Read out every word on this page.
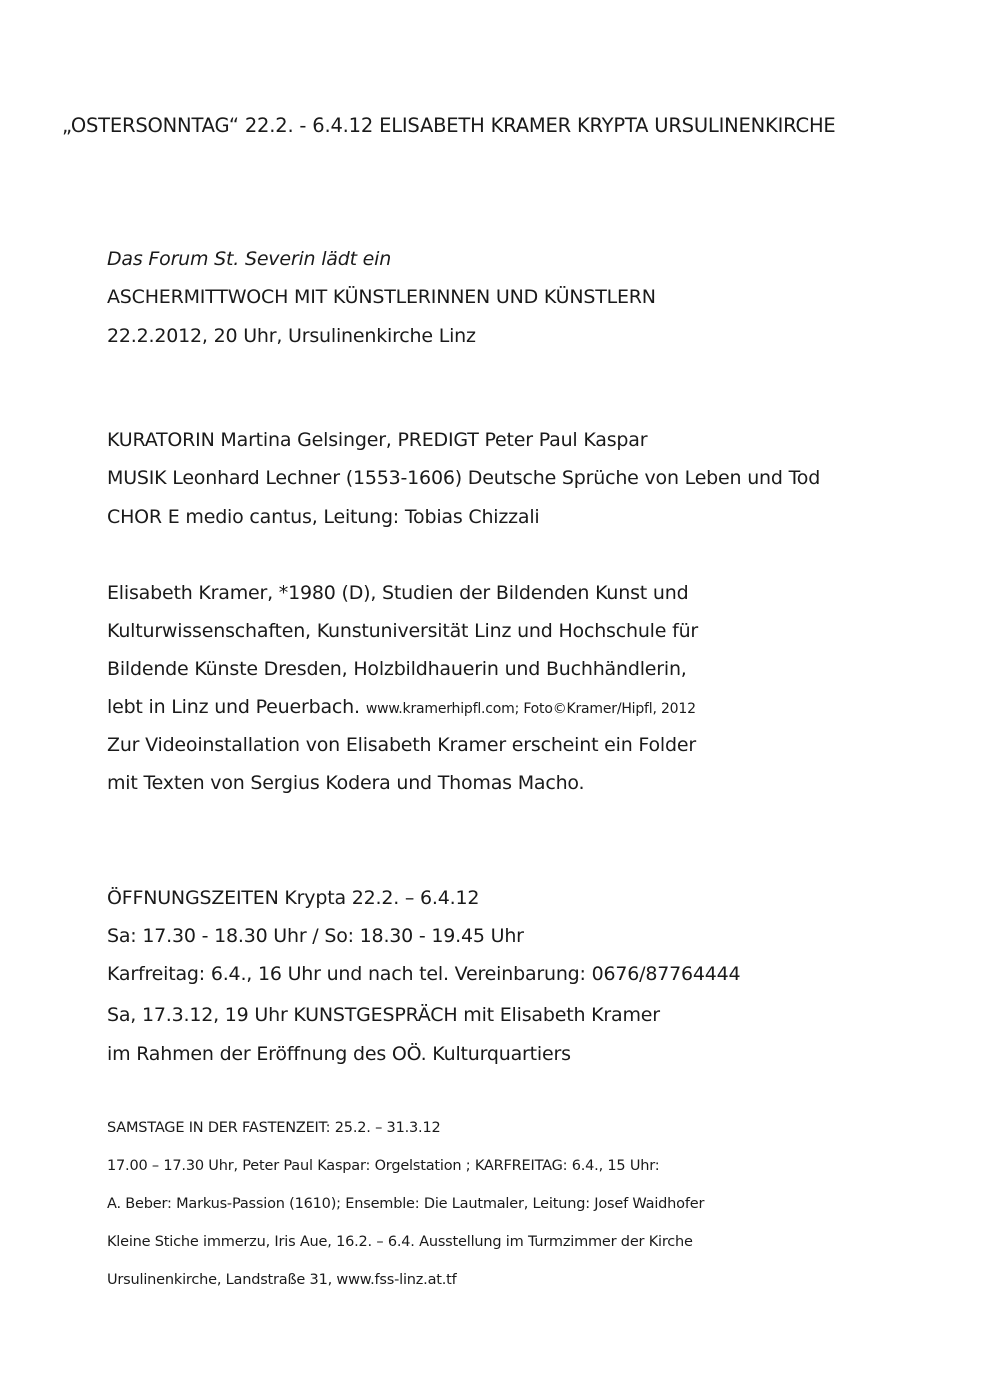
„OSTERSONNTAG“ 22.2. - 6.4.12 ELISABETH KRAMER KRYPTA URSULINENKIRCHE
Das Forum St. Severin lädt ein
ASCHERMITTWOCH MIT KÜNSTLERINNEN UND KÜNSTLERN
22.2.2012, 20 Uhr, Ursulinenkirche Linz
KURATORIN Martina Gelsinger, PREDIGT Peter Paul Kaspar
MUSIK Leonhard Lechner (1553-1606) Deutsche Sprüche von Leben und Tod
CHOR E medio cantus, Leitung: Tobias Chizzali
Elisabeth Kramer, *1980 (D), Studien der Bildenden Kunst und
Kulturwissenschaften, Kunstuniversität Linz und Hochschule für
Bildende Künste Dresden, Holzbildhauerin und Buchhändlerin,
lebt in Linz und Peuerbach. www.kramerhipfl.com; Foto©Kramer/Hipfl, 2012
Zur Videoinstallation von Elisabeth Kramer erscheint ein Folder
mit Texten von Sergius Kodera und Thomas Macho.
ÖFFNUNGSZEITEN Krypta 22.2. – 6.4.12
Sa: 17.30 - 18.30 Uhr / So: 18.30 - 19.45 Uhr
Karfreitag: 6.4., 16 Uhr und nach tel. Vereinbarung: 0676/87764444
Sa, 17.3.12, 19 Uhr KUNSTGESPRÄCH mit Elisabeth Kramer
im Rahmen der Eröffnung des OÖ. Kulturquartiers
SAMSTAGE IN DER FASTENZEIT: 25.2. – 31.3.12
17.00 – 17.30 Uhr, Peter Paul Kaspar: Orgelstation ; KARFREITAG: 6.4., 15 Uhr:
A. Beber: Markus-Passion (1610); Ensemble: Die Lautmaler, Leitung: Josef Waidhofer
Kleine Stiche immerzu, Iris Aue, 16.2. – 6.4. Ausstellung im Turmzimmer der Kirche
Ursulinenkirche, Landstraße 31, www.fss-linz.at.tf
